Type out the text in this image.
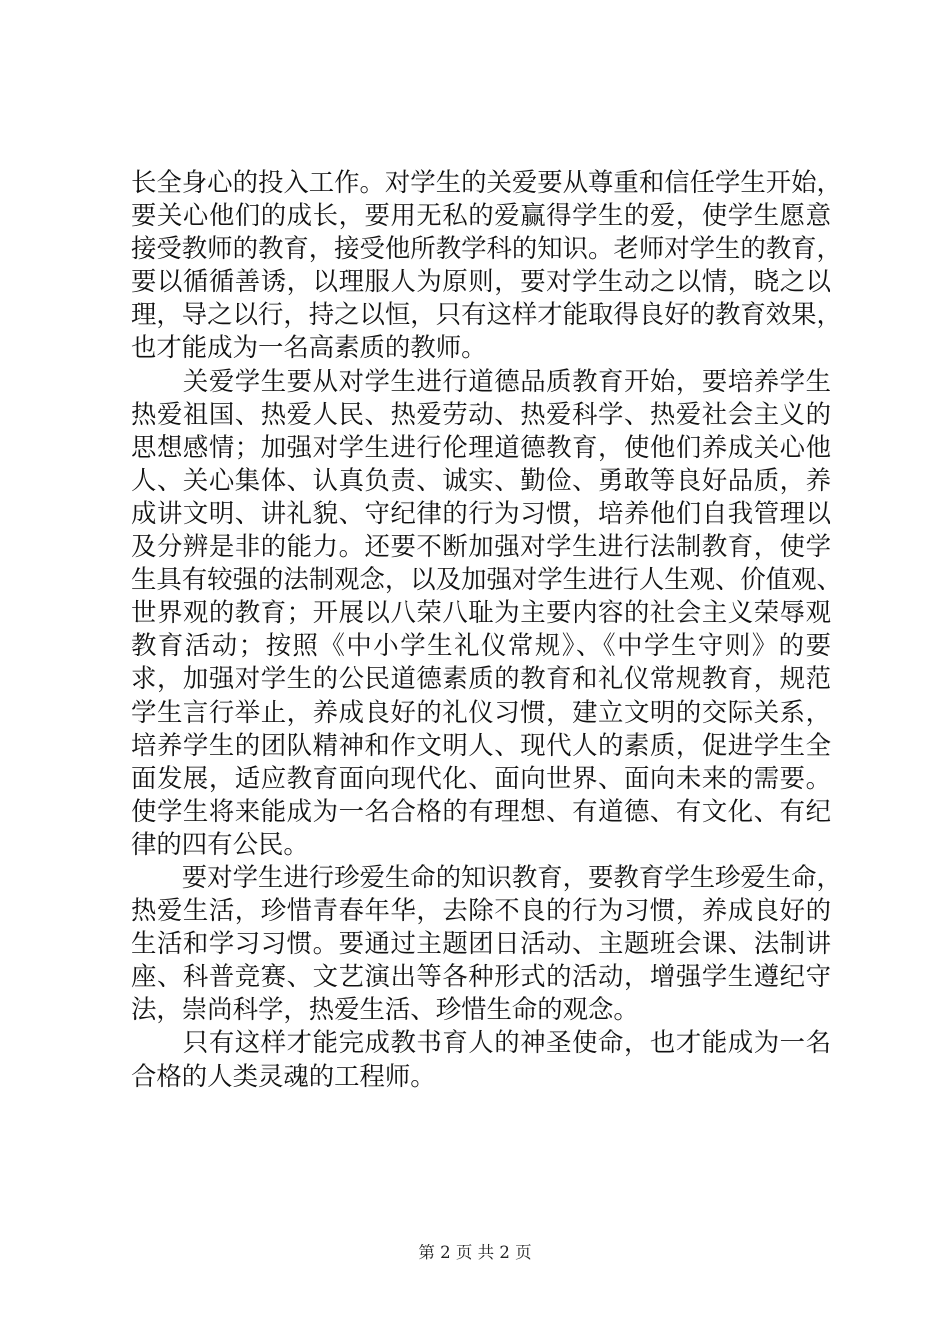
长全身心的投入工作。对学生的关爱要从尊重和信任学生开始，
要关心他们的成长，要用无私的爱赢得学生的爱，使学生愿意
接受教师的教育，接受他所教学科的知识。老师对学生的教育，
要以循循善诱，以理服人为原则，要对学生动之以情，晓之以
理，导之以行，持之以恒，只有这样才能取得良好的教育效果，
也才能成为一名高素质的教师。
　　关爱学生要从对学生进行道德品质教育开始，要培养学生
热爱祖国、热爱人民、热爱劳动、热爱科学、热爱社会主义的
思想感情；加强对学生进行伦理道德教育，使他们养成关心他
人、关心集体、认真负责、诚实、勤俭、勇敢等良好品质，养
成讲文明、讲礼貌、守纪律的行为习惯，培养他们自我管理以
及分辨是非的能力。还要不断加强对学生进行法制教育，使学
生具有较强的法制观念，以及加强对学生进行人生观、价值观、
世界观的教育；开展以八荣八耻为主要内容的社会主义荣辱观
教育活动；按照《中小学生礼仪常规》、《中学生守则》的要
求，加强对学生的公民道德素质的教育和礼仪常规教育，规范
学生言行举止，养成良好的礼仪习惯，建立文明的交际关系，
培养学生的团队精神和作文明人、现代人的素质，促进学生全
面发展，适应教育面向现代化、面向世界、面向未来的需要。
使学生将来能成为一名合格的有理想、有道德、有文化、有纪
律的四有公民。
　　要对学生进行珍爱生命的知识教育，要教育学生珍爱生命，
热爱生活，珍惜青春年华，去除不良的行为习惯，养成良好的
生活和学习习惯。要通过主题团日活动、主题班会课、法制讲
座、科普竞赛、文艺演出等各种形式的活动，增强学生遵纪守
法，崇尚科学，热爱生活、珍惜生命的观念。
　　只有这样才能完成教书育人的神圣使命，也才能成为一名
合格的人类灵魂的工程师。
第 2 页 共 2 页
